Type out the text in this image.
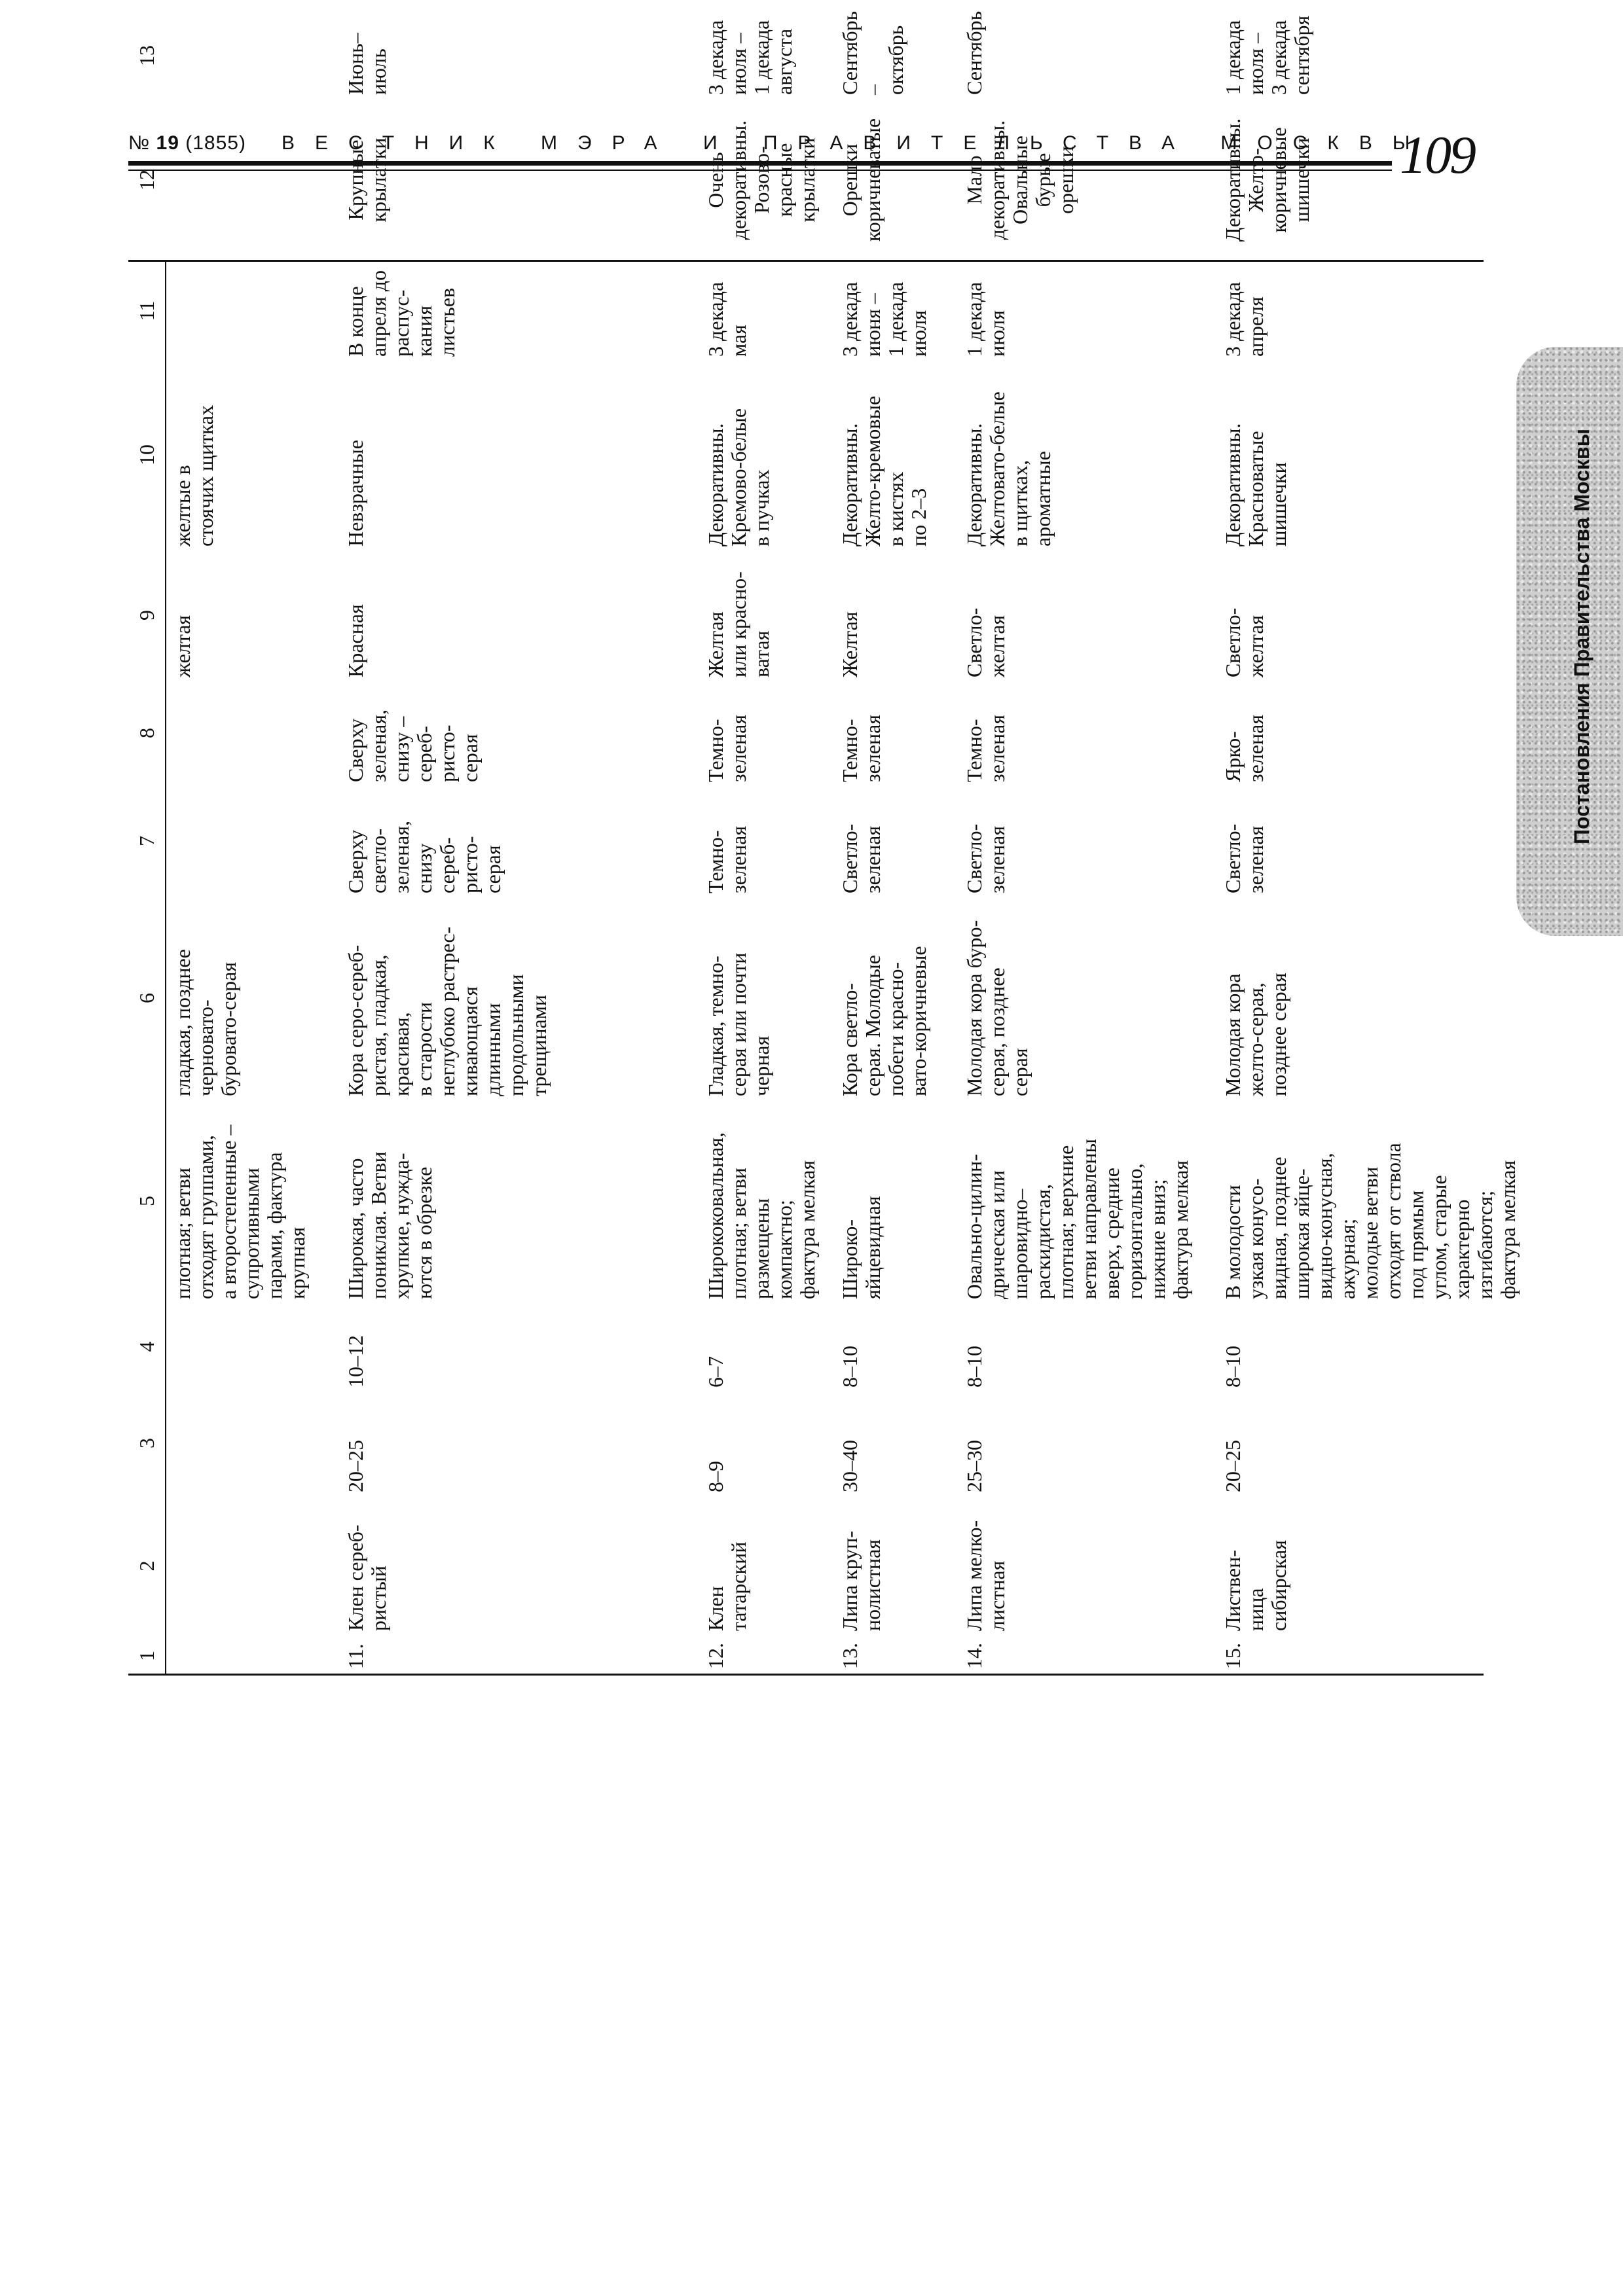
№ 19 (1855) ВЕСТНИК МЭРА И ПРАВИТЕЛЬСТВА МОСКВЫ
109
Постановления Правительства Москвы
1
2
3
4
5
6
7
8
9
10
11
12
13
плотная; ветви
отходят группами,
а второстепенные –
супротивными
парами, фактура
крупная
гладкая, позднее
черновато-
буровато-серая
желтая
желтые в
стоячих щитках
11.
Клен сереб-
ристый
20–25
10–12
Широкая, часто
пониклая. Ветви
хрупкие, нужда-
ются в обрезке
Кора серо-сереб-
ристая, гладкая,
красивая,
в старости
неглубоко растрес-
кивающаяся
длинными
продольными
трещинами
Сверху
светло-
зеленая,
снизу
сереб-
ристо-
серая
Сверху
зеленая,
снизу –
сереб-
ристо-
серая
Красная
Невзрачные
В конце
апреля до
распус-
кания
листьев
Крупные
крылатки
Июнь–
июль
12.
Клен
татарский
8–9
6–7
Ширококовальная,
плотная; ветви
размещены
компактно;
фактура мелкая
Гладкая, темно-
серая или почти
черная
Темно-
зеленая
Темно-
зеленая
Желтая
или красно-
ватая
Декоративны.
Кремово-белые
в пучках
3 декада
мая
Очень
декоративны.
Розово-
красные
крылатки
3 декада
июля –
1 декада
августа
13.
Липа круп-
нолистная
30–40
8–10
Широко-
яйцевидная
Кора светло-
серая. Молодые
побеги красно-
вато-коричневые
Светло-
зеленая
Темно-
зеленая
Желтая
Декоративны.
Желто-кремовые
в кистях
по 2–3
3 декада
июня –
1 декада
июля
Орешки
коричневатые
Сентябрь –
октябрь
14.
Липа мелко-
листная
25–30
8–10
Овально-цилин-
дрическая или
шаровидно–
раскидистая,
плотная; верхние
ветви направлены
вверх, средние
горизонтально,
нижние вниз;
фактура мелкая
Молодая кора буро-
серая, позднее
серая
Светло-
зеленая
Темно-
зеленая
Светло-
желтая
Декоративны.
Желтовато-белые
в щитках,
ароматные
1 декада
июля
Мало
декоративны.
Овальные
бурые
орешки
Сентябрь
15.
Листвен-
ница
сибирская
20–25
8–10
В молодости
узкая конусо-
видная, позднее
широкая яйце-
видно-конусная,
ажурная;
молодые ветви
отходят от ствола
под прямым
углом, старые
характерно
изгибаются;
фактура мелкая
Молодая кора
желто-серая,
позднее серая
Светло-
зеленая
Ярко-
зеленая
Светло-
желтая
Декоративны.
Красноватые
шишечки
3 декада
апреля
Декоративны.
Желто-
коричневые
шишечки
1 декада
июля –
3 декада
сентября
